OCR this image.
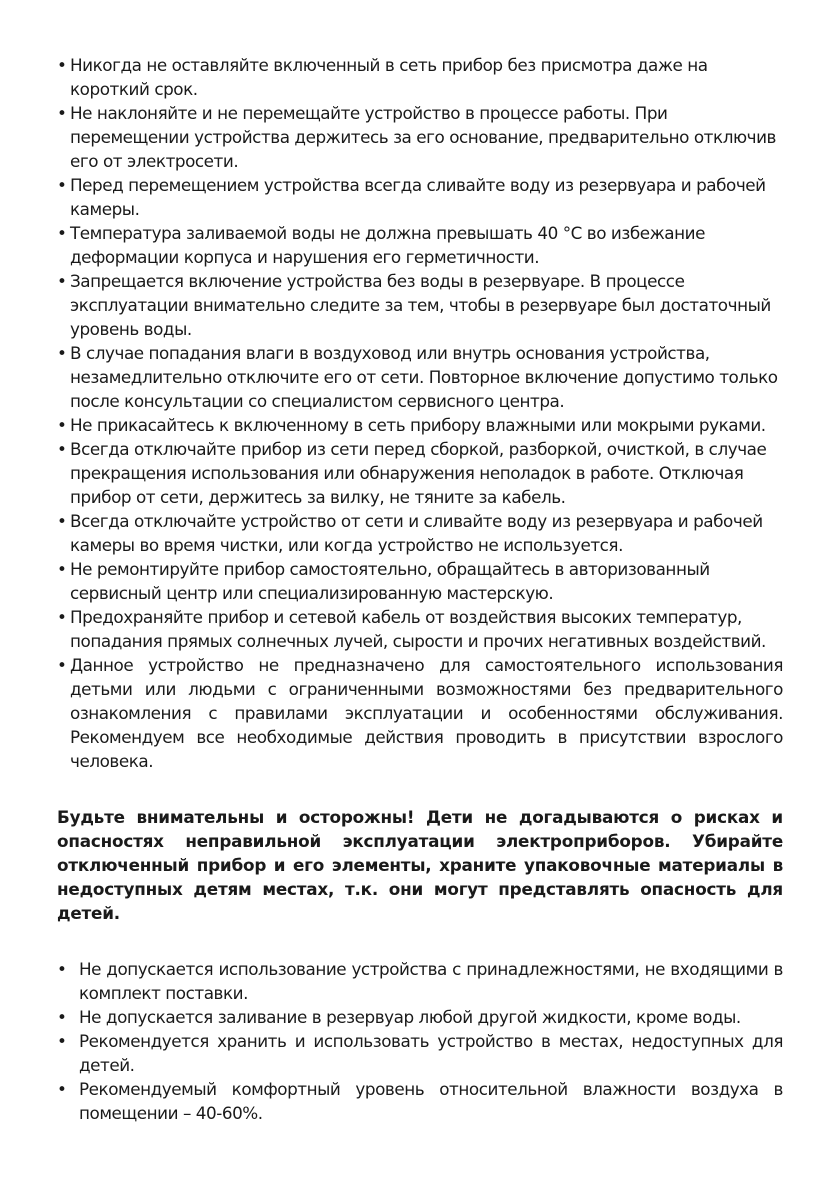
• Никогда не оставляйте включенный в сеть прибор без присмотра даже на короткий срок.
• Не наклоняйте и не перемещайте устройство в процессе работы. При перемещении устройства держитесь за его основание, предварительно отключив его от электросети.
• Перед перемещением устройства всегда сливайте воду из резервуара и рабочей камеры.
• Температура заливаемой воды не должна превышать 40 °С во избежание деформации корпуса и нарушения его герметичности.
• Запрещается включение устройства без воды в резервуаре. В процессе эксплуатации внимательно следите за тем, чтобы в резервуаре был достаточный уровень воды.
• В случае попадания влаги в воздуховод или внутрь основания устройства, незамедлительно отключите его от сети. Повторное включение допустимо только после консультации со специалистом сервисного центра.
• Не прикасайтесь к включенному в сеть прибору влажными или мокрыми руками.
• Всегда отключайте прибор из сети перед сборкой, разборкой, очисткой, в случае прекращения использования или обнаружения неполадок в работе. Отключая прибор от сети, держитесь за вилку, не тяните за кабель.
• Всегда отключайте устройство от сети и сливайте воду из резервуара и рабочей камеры во время чистки, или когда устройство не используется.
• Не ремонтируйте прибор самостоятельно, обращайтесь в авторизованный сервисный центр или специализированную мастерскую.
• Предохраняйте прибор и сетевой кабель от воздействия высоких температур, попадания прямых солнечных лучей, сырости и прочих негативных воздействий.
• Данное устройство не предназначено для самостоятельного использования детьми или людьми с ограниченными возможностями без предварительного ознакомления с правилами эксплуатации и особенностями обслуживания. Рекомендуем все необходимые действия проводить в присутствии взрослого человека.

Будьте внимательны и осторожны! Дети не догадываются о рисках и опасностях неправильной эксплуатации электроприборов. Убирайте отключенный прибор и его элементы, храните упаковочные материалы в недоступных детям местах, т.к. они могут представлять опасность для детей.

• Не допускается использование устройства с принадлежностями, не входящими в комплект поставки.
• Не допускается заливание в резервуар любой другой жидкости, кроме воды.
• Рекомендуется хранить и использовать устройство в местах, недоступных для детей.
• Рекомендуемый комфортный уровень относительной влажности воздуха в помещении – 40-60%.
